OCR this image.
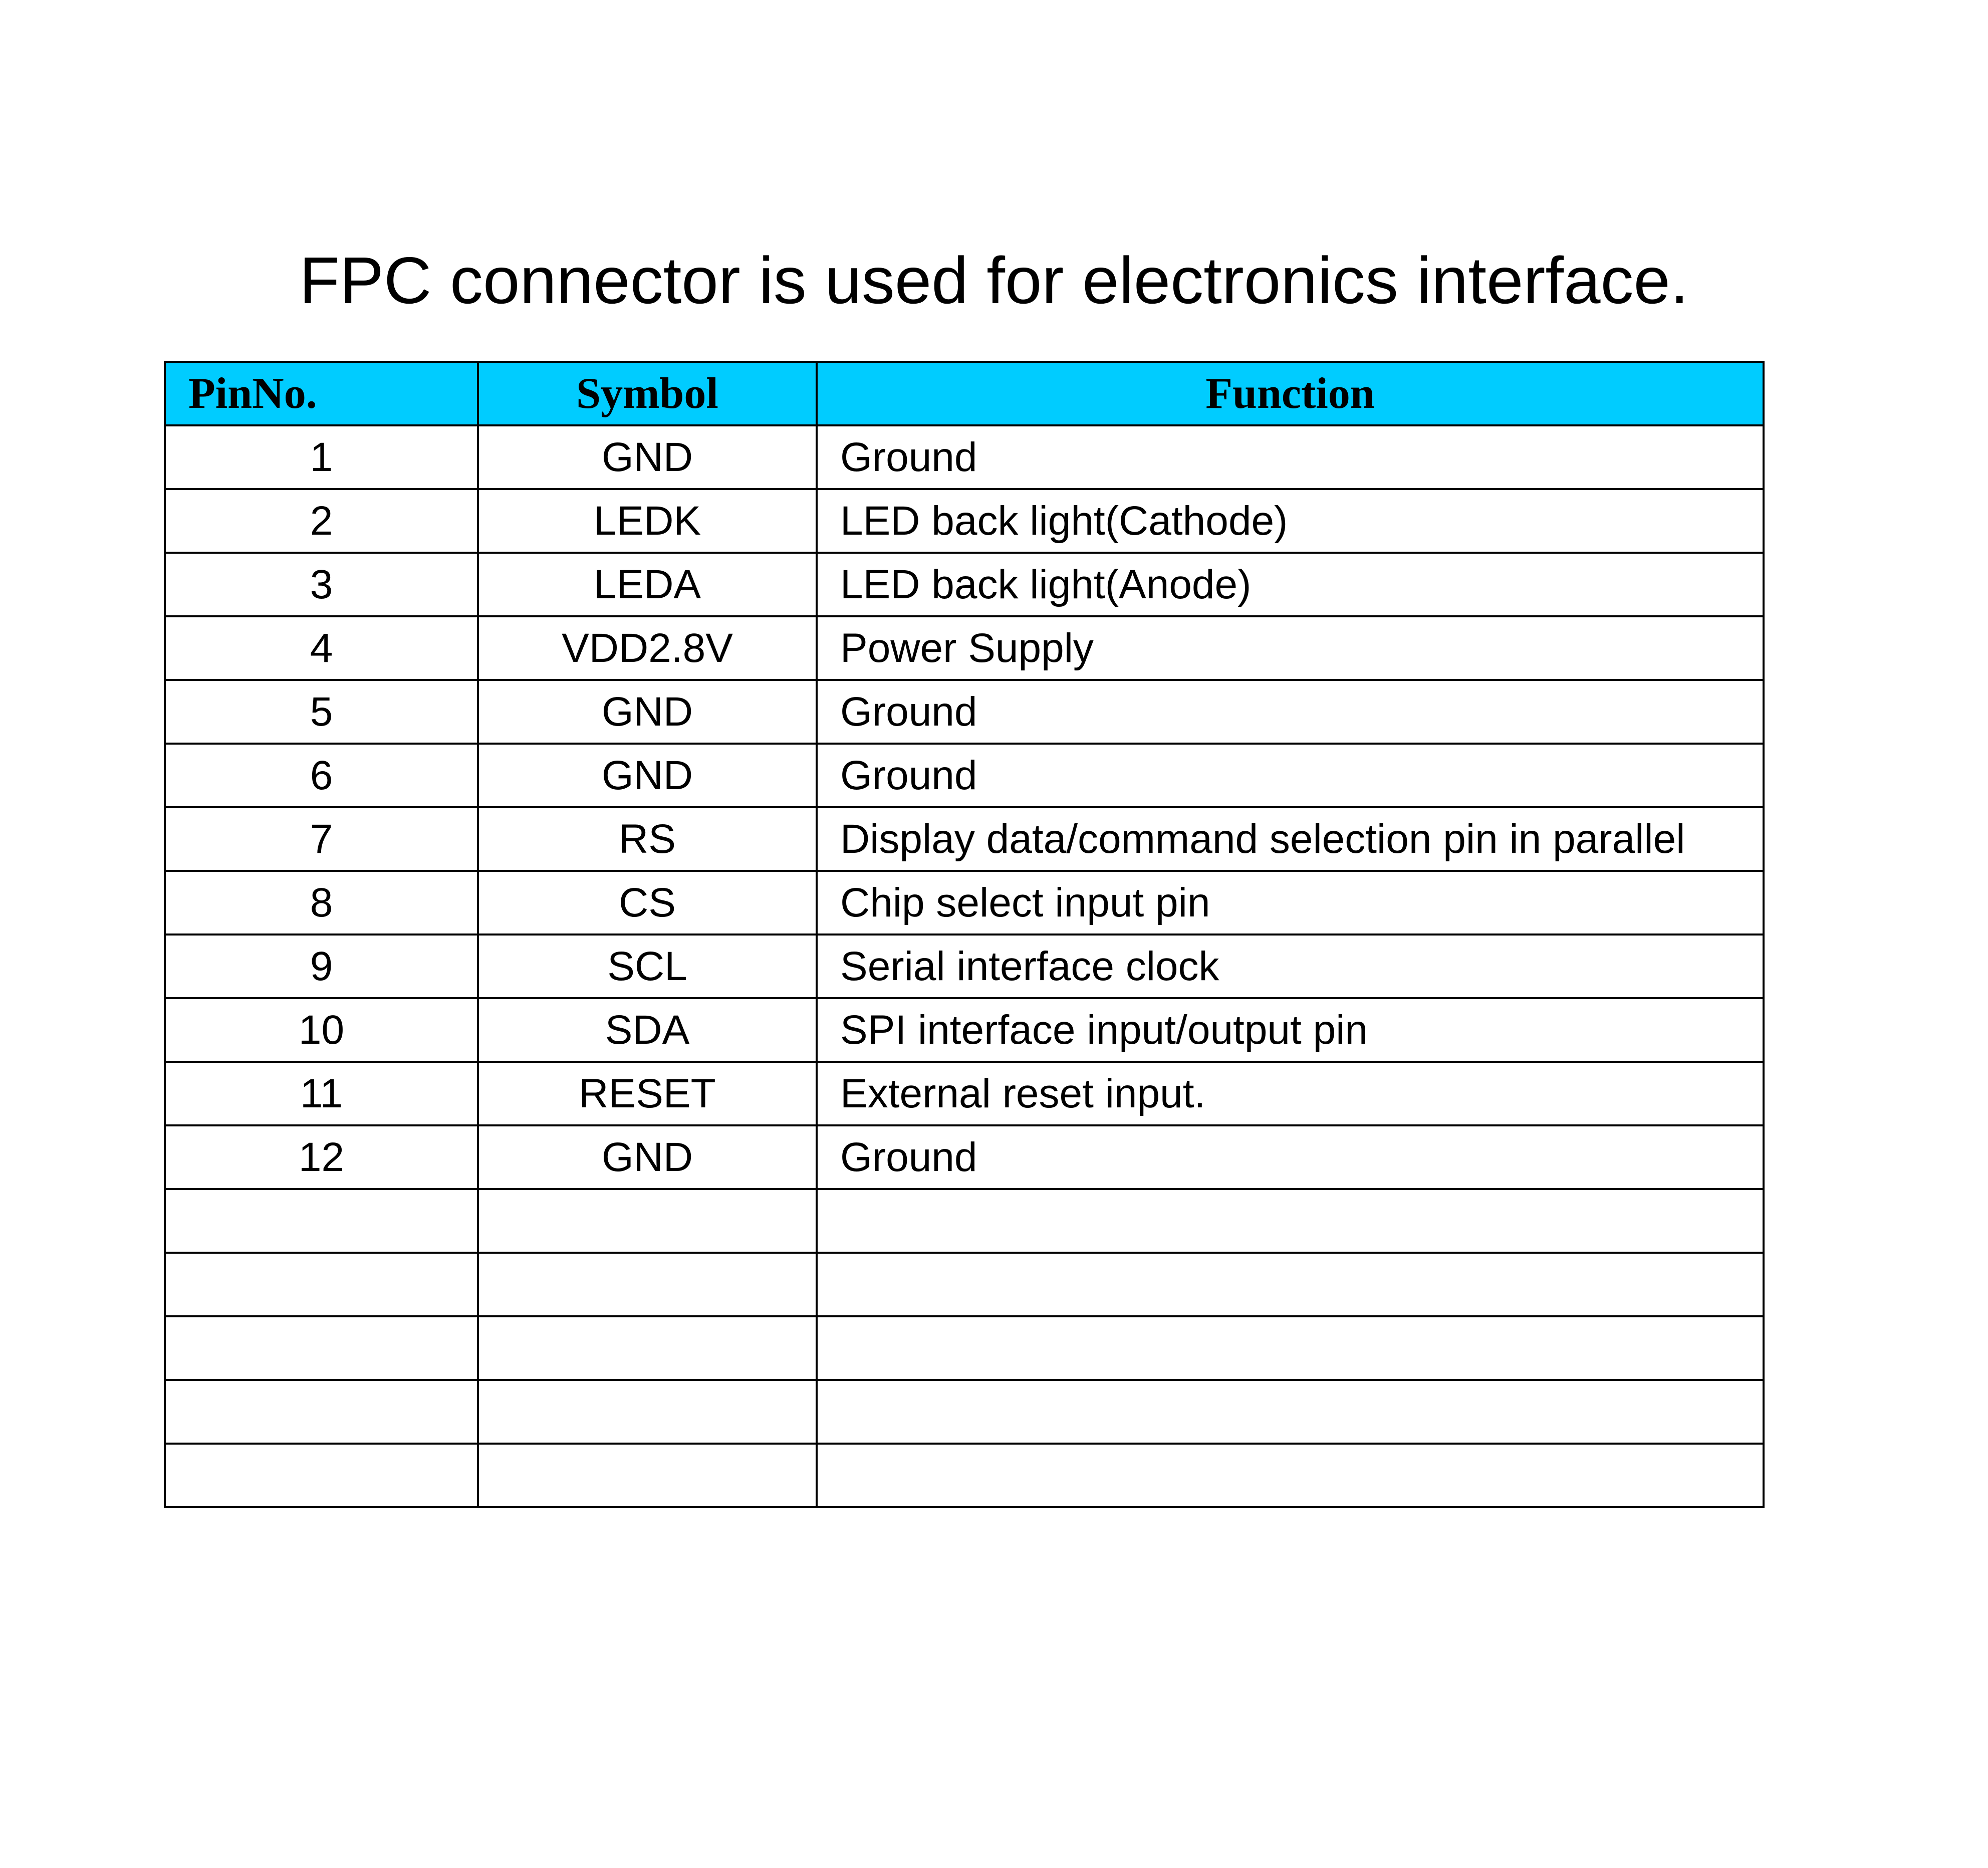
FPC connector is used for electronics interface.
PinNo.	Symbol	Function
1	GND	Ground
2	LEDK	LED back light(Cathode)
3	LEDA	LED back light(Anode)
4	VDD2.8V	Power Supply
5	GND	Ground
6	GND	Ground
7	RS	Display data/command selection pin in parallel
8	CS	Chip select input pin
9	SCL	Serial interface clock
10	SDA	SPI interface input/output pin
11	RESET	External reset input.
12	GND	Ground
